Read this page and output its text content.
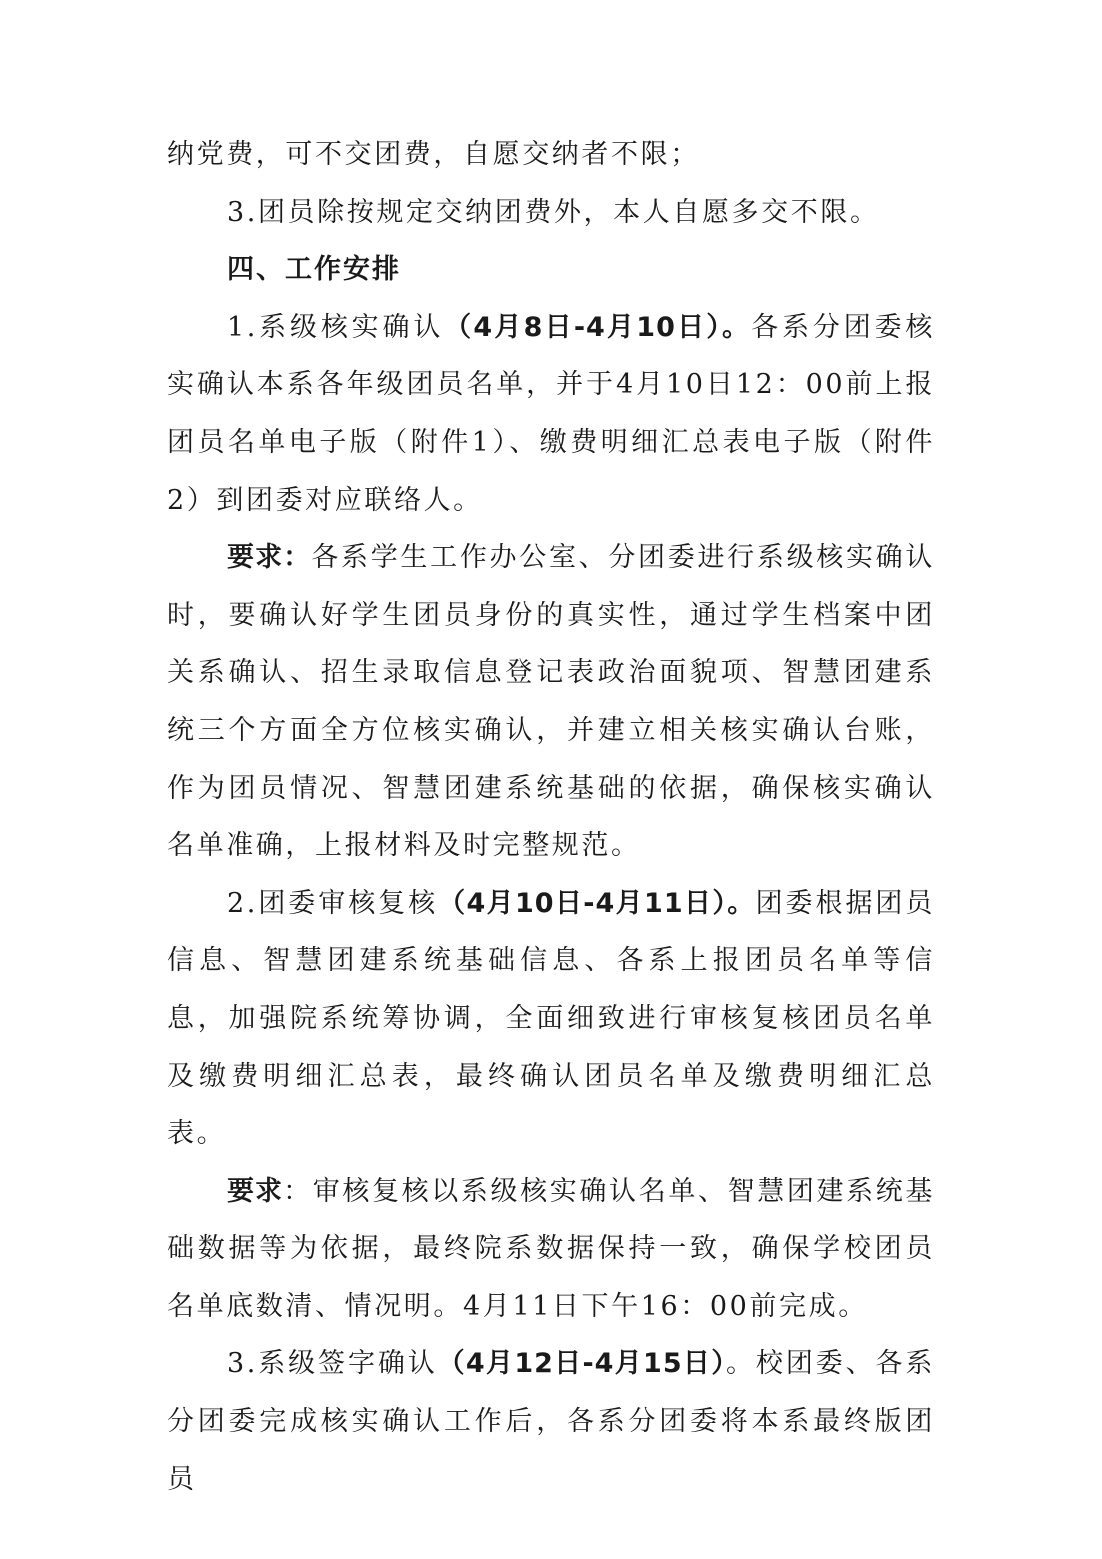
纳党费，可不交团费，自愿交纳者不限；

3.团员除按规定交纳团费外，本人自愿多交不限。

四、工作安排

1.系级核实确认（4月8日-4月10日）。各系分团委核实确认本系各年级团员名单，并于4月10日12：00前上报团员名单电子版（附件1）、缴费明细汇总表电子版（附件2）到团委对应联络人。

要求：各系学生工作办公室、分团委进行系级核实确认时，要确认好学生团员身份的真实性，通过学生档案中团关系确认、招生录取信息登记表政治面貌项、智慧团建系统三个方面全方位核实确认，并建立相关核实确认台账，作为团员情况、智慧团建系统基础的依据，确保核实确认名单准确，上报材料及时完整规范。

2.团委审核复核（4月10日-4月11日）。团委根据团员信息、智慧团建系统基础信息、各系上报团员名单等信息，加强院系统筹协调，全面细致进行审核复核团员名单及缴费明细汇总表，最终确认团员名单及缴费明细汇总表。

要求：审核复核以系级核实确认名单、智慧团建系统基础数据等为依据，最终院系数据保持一致，确保学校团员名单底数清、情况明。4月11日下午16：00前完成。

3.系级签字确认（4月12日-4月15日）。校团委、各系分团委完成核实确认工作后，各系分团委将本系最终版团员
